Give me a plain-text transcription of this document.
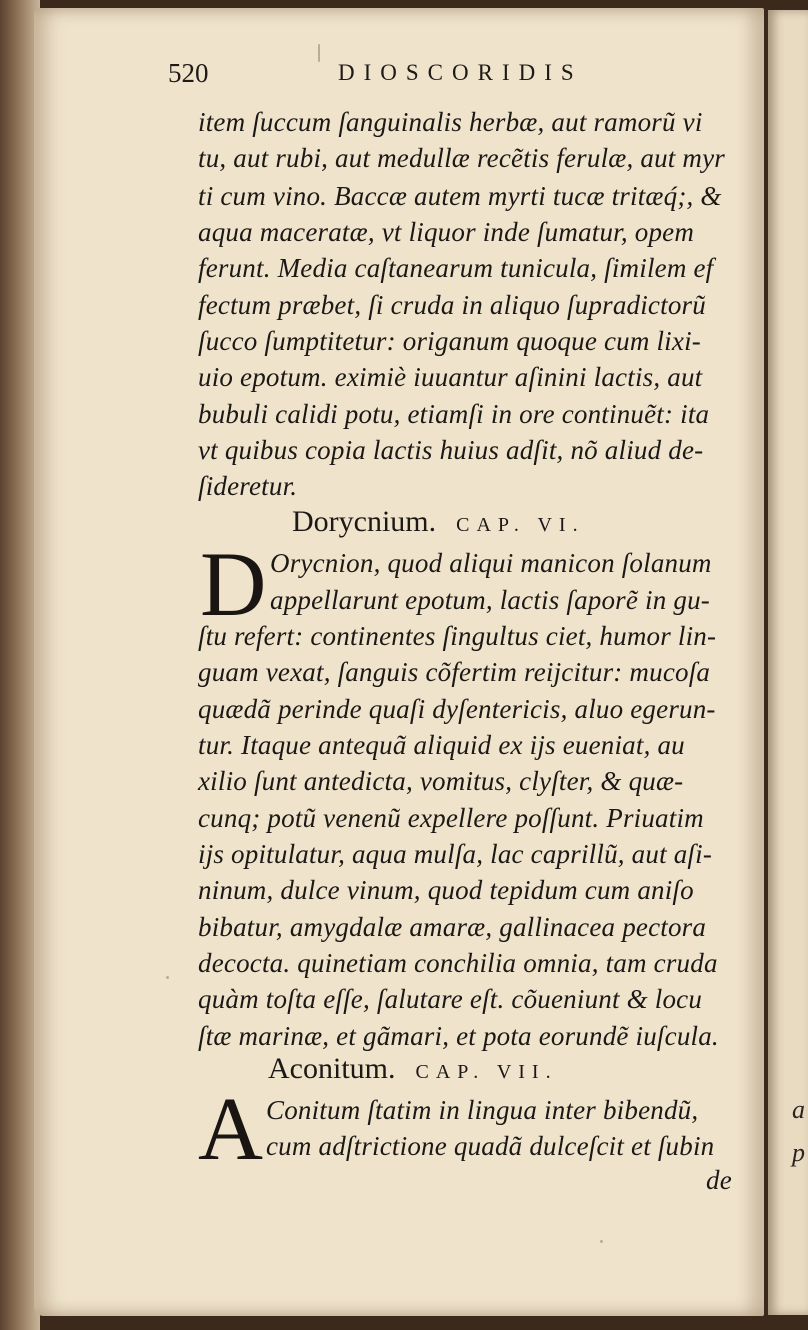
a
p
520	DIOSCORIDIS
item ſuccum ſanguinalis herbæ, aut ramorũ vi
tu, aut rubi, aut medullæ recẽtis ferulæ, aut myr
ti cum vino. Baccæ autem myrti tucæ tritæq́;, &
aqua maceratæ, vt liquor inde ſumatur, opem
ferunt. Media caſtanearum tunicula, ſimilem ef
fectum præbet, ſi cruda in aliquo ſupradictorũ
ſucco ſumptitetur: origanum quoque cum lixi-
uio epotum. eximiè iuuantur aſinini lactis, aut
bubuli calidi potu, etiamſi in ore continuẽt: ita
vt quibus copia lactis huius adſit, nõ aliud de-
ſideretur.
Dorycnium. CAP. VI.
D Orycnion, quod aliqui manicon ſolanum
appellarunt epotum, lactis ſaporẽ in gu-
ſtu refert: continentes ſingultus ciet, humor lin-
guam vexat, ſanguis cõfertim reijcitur: mucoſa
quædã perinde quaſi dyſentericis, aluo egerun-
tur. Itaque antequã aliquid ex ijs eueniat, au
xilio ſunt antedicta, vomitus, clyſter, & quæ-
cunq; potũ venenũ expellere poſſunt. Priuatim
ijs opitulatur, aqua mulſa, lac caprillũ, aut aſi-
ninum, dulce vinum, quod tepidum cum aniſo
bibatur, amygdalæ amaræ, gallinacea pectora
decocta. quinetiam conchilia omnia, tam cruda
quàm toſta eſſe, ſalutare eſt. cõueniunt & locu
ſtæ marinæ, et gãmari, et pota eorundẽ iuſcula.
Aconitum. CAP. VII.
A Conitum ſtatim in lingua inter bibendũ,
cum adſtrictione quadã dulceſcit et ſubin
de
